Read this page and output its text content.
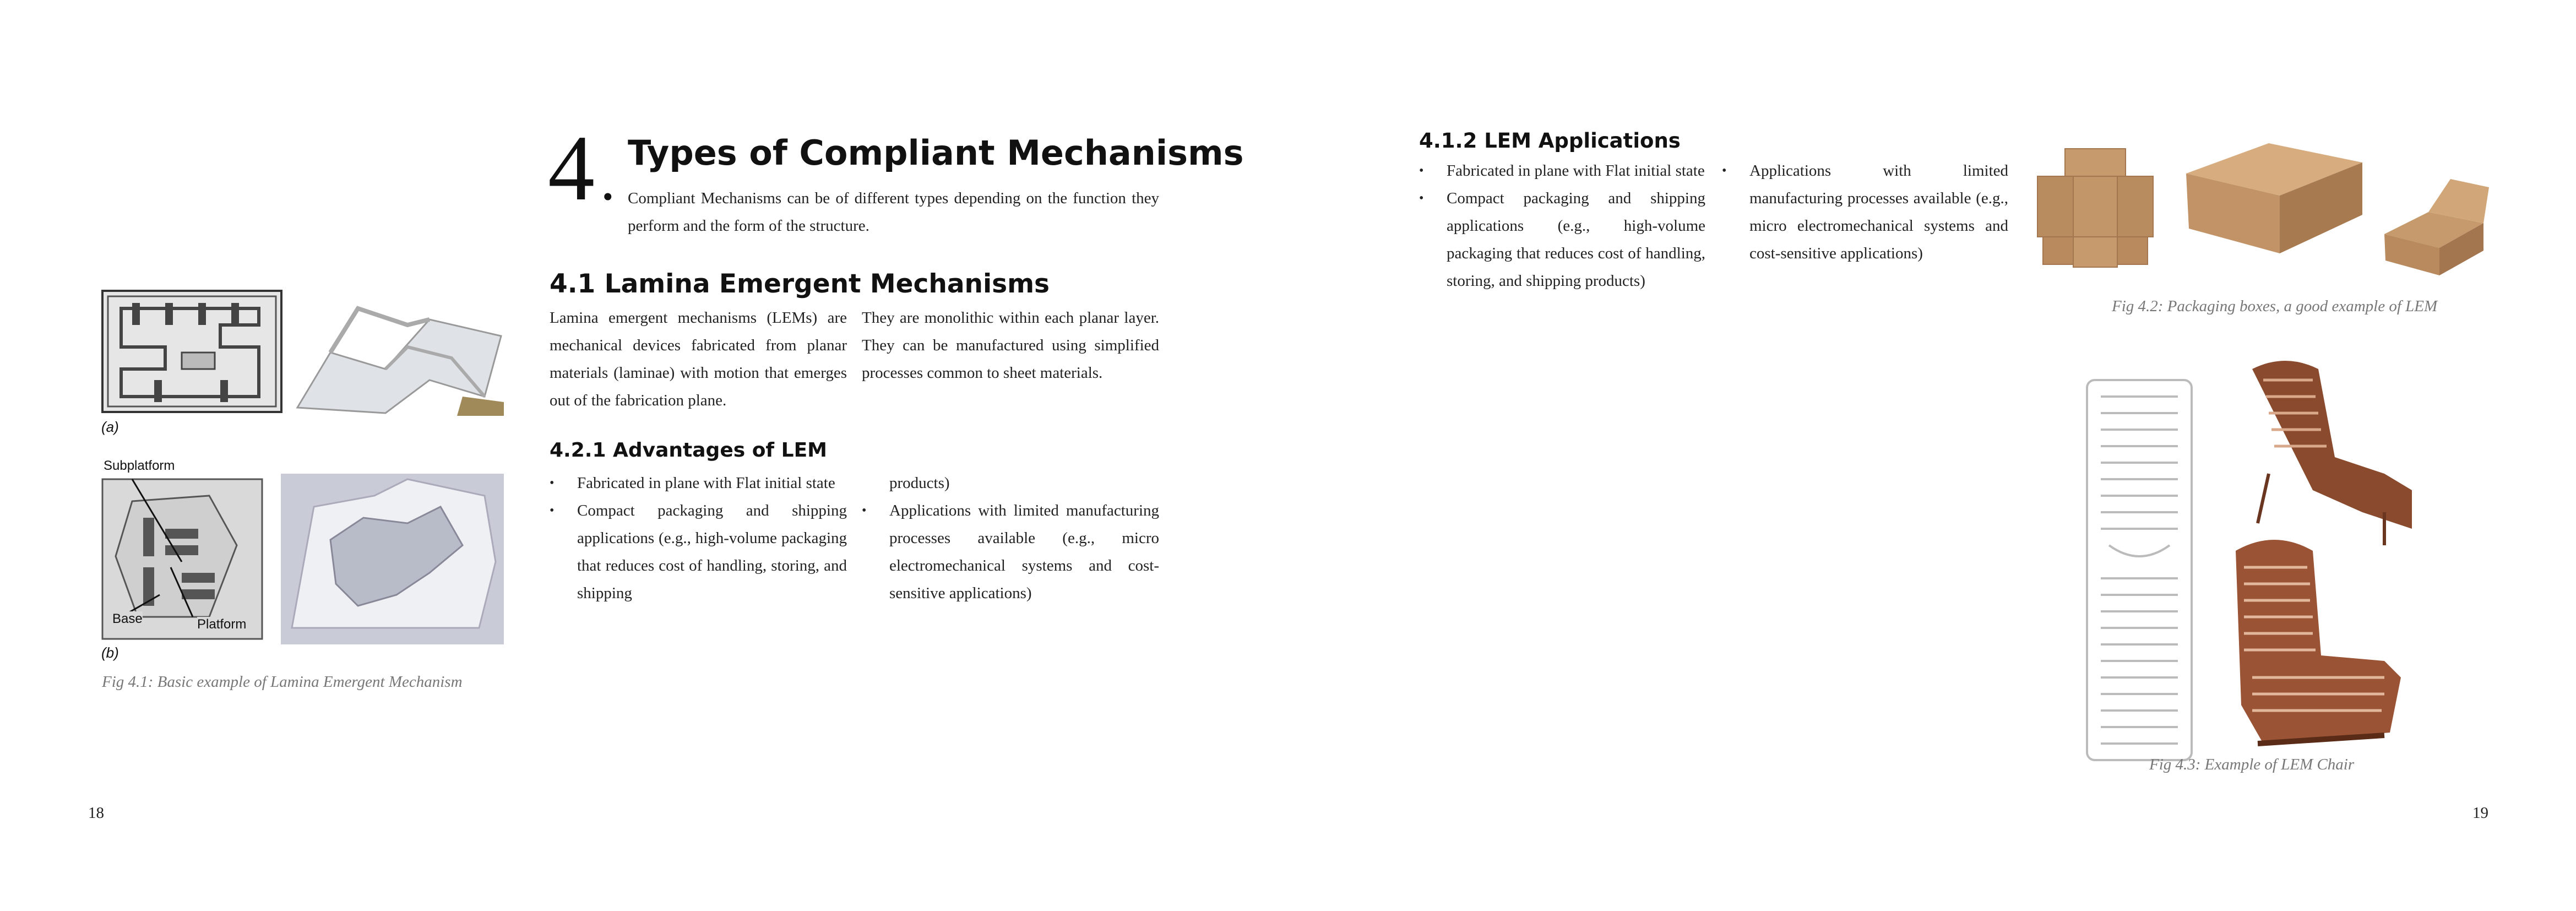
(a)
(b)
Subplatform
Base	Platform
Fig 4.1: Basic example of Lamina Emergent Mechanism
4 . Types of Compliant Mechanisms
Compliant Mechanisms can be of different types depending on the function they perform and the form of the structure.
4.1 Lamina Emergent Mechanisms
Lamina emergent mechanisms (LEMs) are mechanical devices fabricated from planar materials (laminae) with motion that emerges out of the fabrication plane.
They are monolithic within each planar layer. They can be manufactured using simplified processes common to sheet materials.
4.2.1 Advantages of LEM
• Fabricated in plane with Flat initial state
• Compact packaging and shipping applications (e.g., high-volume packaging that reduces cost of handling, storing, and shipping
products)
• Applications with limited manufacturing processes available (e.g., micro electromechanical systems and cost-sensitive applications)
18
4.1.2 LEM Applications
• Fabricated in plane with Flat initial state
• Compact packaging and shipping applications (e.g., high-volume packaging that reduces cost of handling, storing, and shipping products)
• Applications with limited manufacturing processes available (e.g., micro electromechanical systems and cost-sensitive applications)
Fig 4.2: Packaging boxes, a good example of LEM
Fig 4.3: Example of LEM Chair
19
